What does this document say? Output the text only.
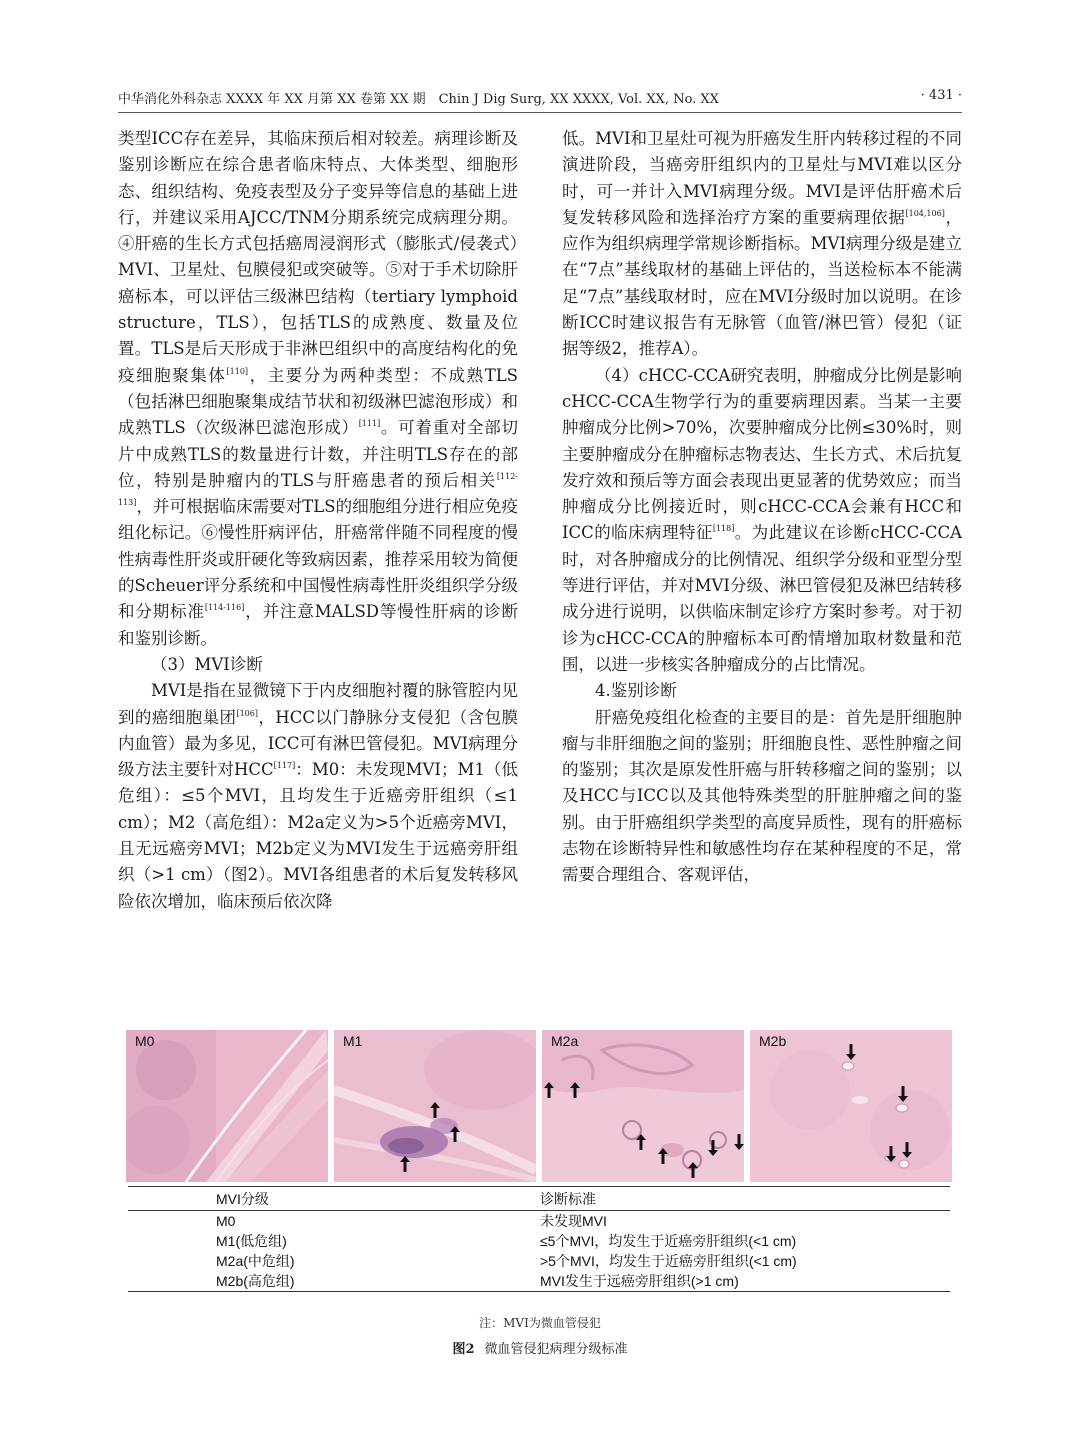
中华消化外科杂志 XXXX 年 XX 月第 XX 卷第 XX 期　Chin J Dig Surg, XX XXXX, Vol. XX, No. XX	· 431 ·

类型ICC存在差异，其临床预后相对较差。病理诊断及鉴别诊断应在综合患者临床特点、大体类型、细胞形态、组织结构、免疫表型及分子变异等信息的基础上进行，并建议采用AJCC/TNM分期系统完成病理分期。④肝癌的生长方式包括癌周浸润形式（膨胀式/侵袭式）MVI、卫星灶、包膜侵犯或突破等。⑤对于手术切除肝癌标本，可以评估三级淋巴结构（tertiary lymphoid structure，TLS），包括TLS的成熟度、数量及位置。TLS是后天形成于非淋巴组织中的高度结构化的免疫细胞聚集体[110]，主要分为两种类型：不成熟TLS（包括淋巴细胞聚集成结节状和初级淋巴滤泡形成）和成熟TLS（次级淋巴滤泡形成）[111]。可着重对全部切片中成熟TLS的数量进行计数，并注明TLS存在的部位，特别是肿瘤内的TLS与肝癌患者的预后相关[112-113]，并可根据临床需要对TLS的细胞组分进行相应免疫组化标记。⑥慢性肝病评估，肝癌常伴随不同程度的慢性病毒性肝炎或肝硬化等致病因素，推荐采用较为简便的Scheuer评分系统和中国慢性病毒性肝炎组织学分级和分期标准[114-116]，并注意MALSD等慢性肝病的诊断和鉴别诊断。

（3）MVI诊断

MVI是指在显微镜下于内皮细胞衬覆的脉管腔内见到的癌细胞巢团[106]，HCC以门静脉分支侵犯（含包膜内血管）最为多见，ICC可有淋巴管侵犯。MVI病理分级方法主要针对HCC[117]：M0：未发现MVI；M1（低危组）：≤5个MVI，且均发生于近癌旁肝组织（≤1 cm）；M2（高危组）：M2a定义为>5个近癌旁MVI，且无远癌旁MVI；M2b定义为MVI发生于远癌旁肝组织（>1 cm）（图2）。MVI各组患者的术后复发转移风险依次增加，临床预后依次降

低。MVI和卫星灶可视为肝癌发生肝内转移过程的不同演进阶段，当癌旁肝组织内的卫星灶与MVI难以区分时，可一并计入MVI病理分级。MVI是评估肝癌术后复发转移风险和选择治疗方案的重要病理依据[104,106]，应作为组织病理学常规诊断指标。MVI病理分级是建立在“7点”基线取材的基础上评估的，当送检标本不能满足“7点”基线取材时，应在MVI分级时加以说明。在诊断ICC时建议报告有无脉管（血管/淋巴管）侵犯（证据等级2，推荐A）。

（4）cHCC-CCA研究表明，肿瘤成分比例是影响cHCC-CCA生物学行为的重要病理因素。当某一主要肿瘤成分比例>70%，次要肿瘤成分比例≤30%时，则主要肿瘤成分在肿瘤标志物表达、生长方式、术后抗复发疗效和预后等方面会表现出更显著的优势效应；而当肿瘤成分比例接近时，则cHCC-CCA会兼有HCC和ICC的临床病理特征[118]。为此建议在诊断cHCC-CCA时，对各肿瘤成分的比例情况、组织学分级和亚型分型等进行评估，并对MVI分级、淋巴管侵犯及淋巴结转移成分进行说明，以供临床制定诊疗方案时参考。对于初诊为cHCC-CCA的肿瘤标本可酌情增加取材数量和范围，以进一步核实各肿瘤成分的占比情况。

4.鉴别诊断

肝癌免疫组化检查的主要目的是：首先是肝细胞肿瘤与非肝细胞之间的鉴别；肝细胞良性、恶性肿瘤之间的鉴别；其次是原发性肝癌与肝转移瘤之间的鉴别；以及HCC与ICC以及其他特殊类型的肝脏肿瘤之间的鉴别。由于肝癌组织学类型的高度异质性，现有的肝癌标志物在诊断特异性和敏感性均存在某种程度的不足，常需要合理组合、客观评估，

M0	M1	M2a	M2b
MVI分级	诊断标准
M0	未发现MVI
M1(低危组)	≤5个MVI，均发生于近癌旁肝组织(<1 cm)
M2a(中危组)	>5个MVI，均发生于近癌旁肝组织(<1 cm)
M2b(高危组)	MVI发生于远癌旁肝组织(>1 cm)
注：MVI为微血管侵犯
图2 微血管侵犯病理分级标准
